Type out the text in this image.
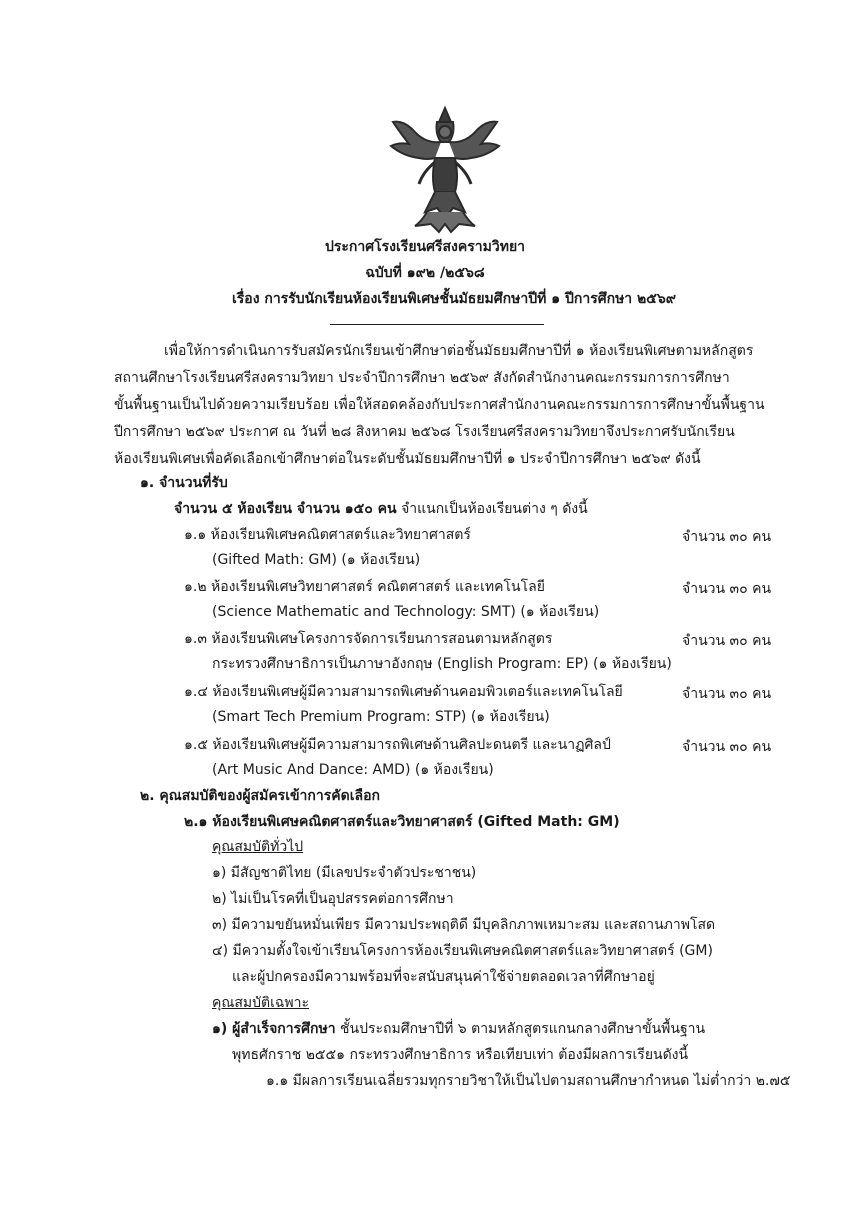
ประกาศโรงเรียนศรีสงครามวิทยา
ฉบับที่ ๑๙๒ /๒๕๖๘
เรื่อง การรับนักเรียนห้องเรียนพิเศษชั้นมัธยมศึกษาปีที่ ๑ ปีการศึกษา ๒๕๖๙
เพื่อให้การดำเนินการรับสมัครนักเรียนเข้าศึกษาต่อชั้นมัธยมศึกษาปีที่ ๑ ห้องเรียนพิเศษตามหลักสูตร
สถานศึกษาโรงเรียนศรีสงครามวิทยา ประจำปีการศึกษา ๒๕๖๙ สังกัดสำนักงานคณะกรรมการการศึกษา
ขั้นพื้นฐานเป็นไปด้วยความเรียบร้อย เพื่อให้สอดคล้องกับประกาศสำนักงานคณะกรรมการการศึกษาขั้นพื้นฐาน
ปีการศึกษา ๒๕๖๙ ประกาศ ณ วันที่ ๒๘ สิงหาคม ๒๕๖๘ โรงเรียนศรีสงครามวิทยาจึงประกาศรับนักเรียน
ห้องเรียนพิเศษเพื่อคัดเลือกเข้าศึกษาต่อในระดับชั้นมัธยมศึกษาปีที่ ๑ ประจำปีการศึกษา ๒๕๖๙ ดังนี้
๑. จำนวนที่รับ
จำนวน ๕ ห้องเรียน จำนวน ๑๕๐ คน จำแนกเป็นห้องเรียนต่าง ๆ ดังนี้
๑.๑ ห้องเรียนพิเศษคณิตศาสตร์และวิทยาศาสตร์	จำนวน ๓๐ คน
(Gifted Math: GM) (๑ ห้องเรียน)
๑.๒ ห้องเรียนพิเศษวิทยาศาสตร์ คณิตศาสตร์ และเทคโนโลยี	จำนวน ๓๐ คน
(Science Mathematic and Technology: SMT) (๑ ห้องเรียน)
๑.๓ ห้องเรียนพิเศษโครงการจัดการเรียนการสอนตามหลักสูตร	จำนวน ๓๐ คน
กระทรวงศึกษาธิการเป็นภาษาอังกฤษ (English Program: EP) (๑ ห้องเรียน)
๑.๔ ห้องเรียนพิเศษผู้มีความสามารถพิเศษด้านคอมพิวเตอร์และเทคโนโลยี	จำนวน ๓๐ คน
(Smart Tech Premium Program: STP) (๑ ห้องเรียน)
๑.๕ ห้องเรียนพิเศษผู้มีความสามารถพิเศษด้านศิลปะดนตรี และนาฏศิลป์	จำนวน ๓๐ คน
(Art Music And Dance: AMD) (๑ ห้องเรียน)
๒. คุณสมบัติของผู้สมัครเข้าการคัดเลือก
๒.๑ ห้องเรียนพิเศษคณิตศาสตร์และวิทยาศาสตร์ (Gifted Math: GM)
คุณสมบัติทั่วไป
๑) มีสัญชาติไทย (มีเลขประจำตัวประชาชน)
๒) ไม่เป็นโรคที่เป็นอุปสรรคต่อการศึกษา
๓) มีความขยันหมั่นเพียร มีความประพฤติดี มีบุคลิกภาพเหมาะสม และสถานภาพโสด
๔) มีความตั้งใจเข้าเรียนโครงการห้องเรียนพิเศษคณิตศาสตร์และวิทยาศาสตร์ (GM)
และผู้ปกครองมีความพร้อมที่จะสนับสนุนค่าใช้จ่ายตลอดเวลาที่ศึกษาอยู่
คุณสมบัติเฉพาะ
๑) ผู้สำเร็จการศึกษา ชั้นประถมศึกษาปีที่ ๖ ตามหลักสูตรแกนกลางศึกษาขั้นพื้นฐาน
พุทธศักราช ๒๕๕๑ กระทรวงศึกษาธิการ หรือเทียบเท่า ต้องมีผลการเรียนดังนี้
๑.๑ มีผลการเรียนเฉลี่ยรวมทุกรายวิชาให้เป็นไปตามสถานศึกษากำหนด ไม่ต่ำกว่า ๒.๗๕
